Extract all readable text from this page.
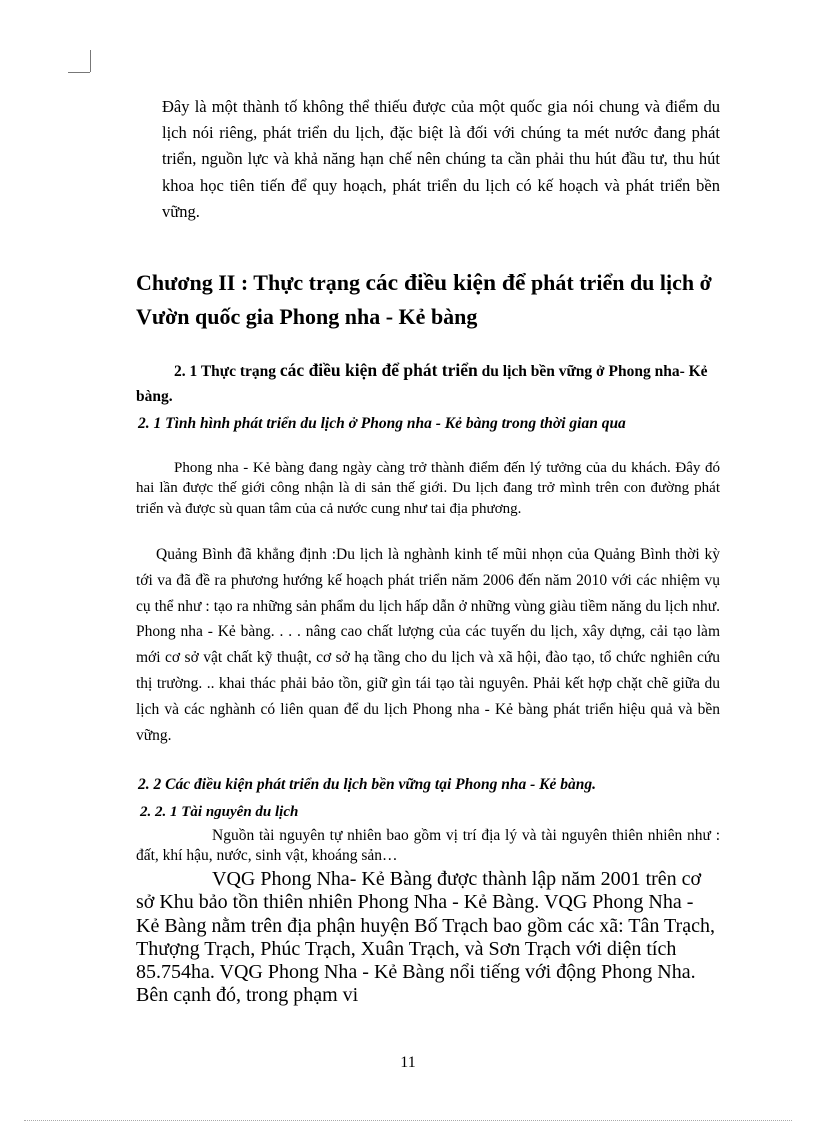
Đây là một thành tố không thể thiếu được của một quốc gia nói chung và điểm du lịch nói riêng, phát triển du lịch, đặc biệt là đối với chúng ta mét nước đang phát triển, nguồn lực và khả năng hạn chế nên chúng ta cần phải thu hút đầu tư, thu hút khoa học tiên tiến để quy hoạch, phát triển du lịch có kế hoạch và phát triển bền vững.

Chương II : Thực trạng các điều kiện để phát triển du lịch ở Vườn quốc gia Phong nha - Kẻ bàng
2. 1 Thực trạng các điều kiện để phát triển du lịch bền vững ở Phong nha- Kẻ bàng.
2. 1 Tình hình phát triển du lịch ở Phong nha - Kẻ bàng trong thời gian qua

Phong nha - Kẻ bàng đang ngày càng trở thành điểm đến lý tưởng của du khách. Đây đó hai lần được thế giới công nhận là di sản thế giới. Du lịch đang trở mình trên con đường phát triển và được sù quan tâm của cả nước cung như tai địa phương.

Quảng Bình đã khẳng định :Du lịch là nghành kinh tế mũi nhọn của Quảng Bình thời kỳ tới va đã đề ra phương hướng kế hoạch phát triển năm 2006 đến năm 2010 với các nhiệm vụ cụ thể như : tạo ra những sản phẩm du lịch hấp dẫn ở những vùng giàu tiềm năng du lịch như. Phong nha - Kẻ bàng. . . . nâng cao chất lượng của các tuyến du lịch, xây dựng, cải tạo làm mới cơ sở vật chất kỹ thuật, cơ sở hạ tầng cho du lịch và xã hội, đào tạo, tổ chức nghiên cứu thị trường. .. khai thác phải bảo tồn, giữ gìn tái tạo tài nguyên. Phải kết hợp chặt chẽ giữa du lịch và các nghành có liên quan để du lịch Phong nha - Kẻ bàng phát triển hiệu quả và bền vững.

2. 2 Các điều kiện phát triển du lịch bền vững tại Phong nha - Kẻ bàng.
2. 2. 1 Tài nguyên du lịch

Nguồn tài nguyên tự nhiên bao gồm vị trí địa lý và tài nguyên thiên nhiên như : đất, khí hậu, nước, sinh vật, khoáng sản…

VQG Phong Nha- Kẻ Bàng được thành lập năm 2001 trên cơ sở Khu bảo tồn thiên nhiên Phong Nha - Kẻ Bàng. VQG Phong Nha - Kẻ Bàng nằm trên địa phận huyện Bố Trạch bao gồm các xã: Tân Trạch, Thượng Trạch, Phúc Trạch, Xuân Trạch, và Sơn Trạch với diện tích 85.754ha. VQG Phong Nha - Kẻ Bàng nổi tiếng với động Phong Nha. Bên cạnh đó, trong phạm vi

11
